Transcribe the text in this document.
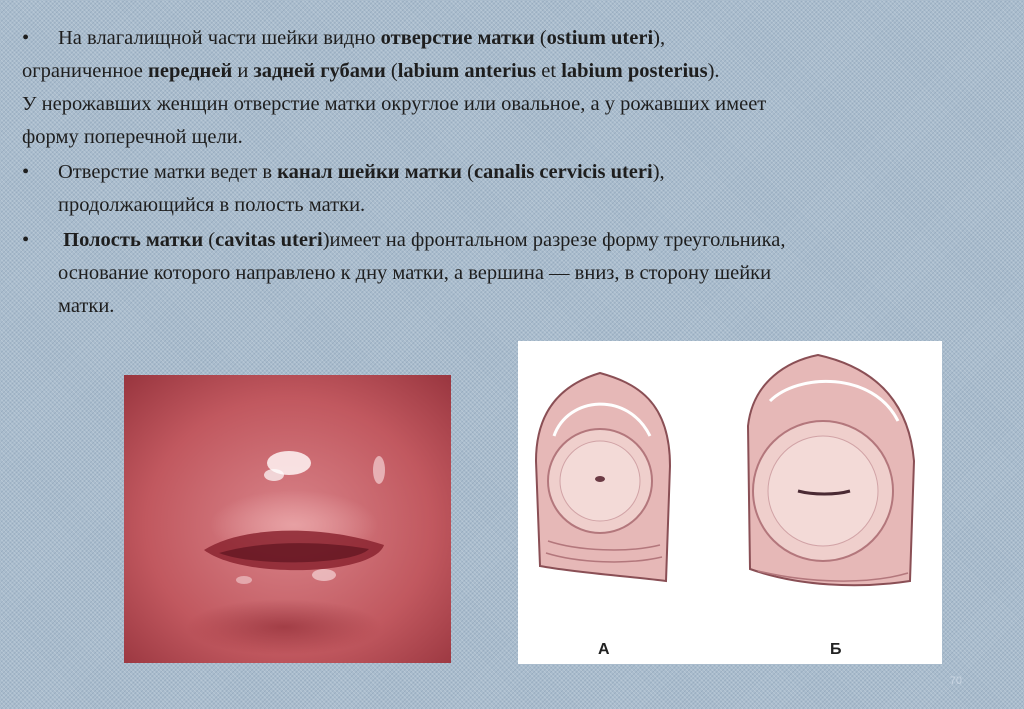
• На влагалищной части шейки видно отверстие матки (ostium uteri),
ограниченное передней и задней губами (labium anterius et labium posterius).
У нерожавших женщин отверстие матки округлое или овальное, а у рожавших имеет
форму поперечной щели.
• Отверстие матки ведет в канал шейки матки (canalis cervicis uteri),
продолжающийся в полость матки.
• Полость матки (cavitas uteri)имеет на фронтальном разрезе форму треугольника,
основание которого направлено к дну матки, а вершина — вниз, в сторону шейки
матки.
А	Б
70
